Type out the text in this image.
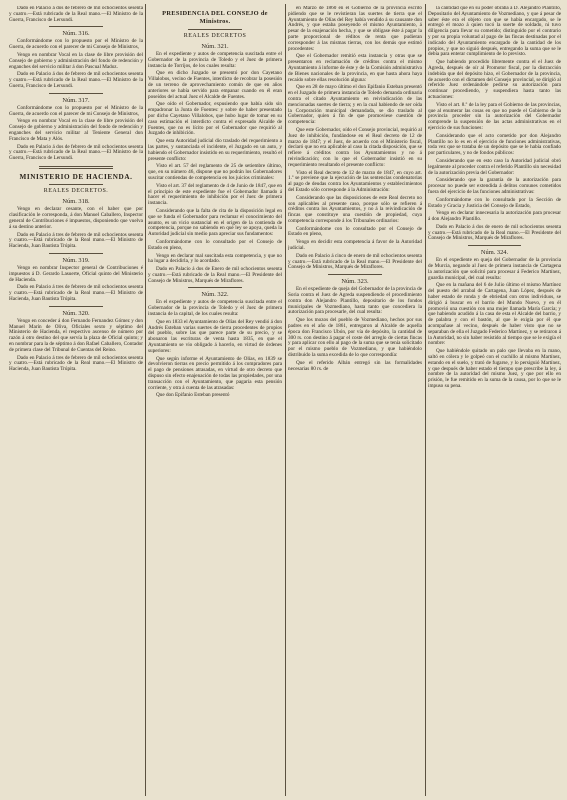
Dado en Palacio á dos de febrero de mil ochocientos sesenta y cuatro.—Está rubricado de la Real mano.—El Ministro de la Guerra, Francisco de Lersundi.

Núm. 316.

Conformándome con lo propuesto por el Ministro de la Guerra, de acuerdo con el parecer de mi Consejo de Ministros,

Vengo en nombrar Vocal en la clase de libre provisión del Consejo de gobierno y administración del fondo de redención y enganches del servicio militar á don Pascual Madoz.

Dado en Palacio á dos de febrero de mil ochocientos sesenta y cuatro.—Está rubricado de la Real mano.—El Ministro de la Guerra, Francisco de Lersundi.

Núm. 317.

Conformándome con lo propuesto por el Ministro de la Guerra, de acuerdo con el parecer de mi Consejo de Ministros,

Vengo en nombrar Vocal en la clase de libre provisión del Consejo de gobierno y administración del fondo de redención y enganches del servicio militar al Teniente General don Francisco de Mata y Alós.

Dado en Palacio á dos de febrero de mil ochocientos sesenta y cuatro.—Está rubricado de la Real mano.—El Ministro de la Guerra, Francisco de Lersundi.

MINISTERIO DE HACIENDA.
REALES DECRETOS.
Núm. 318.

Vengo en declarar cesante, con el haber que por clasificación le corresponda, á don Manuel Caballero, Inspector general de Contribuciones é impuestos, disponiendo que vuelva á su destino anterior.

Dado en Palacio á tres de febrero de mil ochocientos sesenta y cuatro.—Está rubricado de la Real mano.—El Ministro de Hacienda, Juan Bautista Trúpita.

Núm. 319.

Vengo en nombrar Inspector general de Contribuciones é impuestos á D. Gerardo Lasuerte, Oficial quinto del Ministerio de Hacienda.

Dado en Palacio á tres de febrero de mil ochocientos sesenta y cuatro.—Está rubricado de la Real mano.—El Ministro de Hacienda, Juan Bautista Trúpita.

Núm. 320.

Vengo en conceder á don Fernando Fernandez Gómez y don Manuel Marín de Oliva, Oficiales sexto y séptimo del Ministerio de Hacienda, el respectivo ascenso de número por razón á otro destino del que servía la plaza de Oficial quinto; y en nombrar para la de séptimo á don Rafael Caballero, Contador de primera clase del Tribunal de Cuentas del Reino.

Dado en Palacio á tres de febrero de mil ochocientos sesenta y cuatro.—Está rubricado de la Real mano.—El Ministro de Hacienda, Juan Bautista Trúpita.

PRESIDENCIA DEL CONSEJO de Ministros.
REALES DECRETOS
Núm. 321.

En el expediente y autos de competencia suscitada entre el Gobernador de la provincia de Toledo y el Juez de primera instancia de Torrijos, de los cuales resulta:

Que en dicho Juzgado se presentó por don Cayetano Villalobos, vecino de Fuentes, interdicto de recobrar la posesión de un terreno de aprovechamiento común de que en años anteriores se había servido para empanar cuando en él eran poseídos del actual Juez el Alcalde de Fuentes.

Que oído el Gobernador, expusiendo que había sido sin empadronar la Junta de Fuentes: y sobre de haber presentado por dicho Cayetano Villalobos, que hubo lugar de tomar en su caso estimación el interdicto contra el expresado Alcalde de Fuentes, que no es lícito por el Gobernador que requirió al Juzgado de inhibición.

Que esta Autoridad judicial dio traslado del requerimiento a las partes, y sustanciada el incidente, el Juzgado en un auto, y habiendo el Gobernador insistido en su requerimiento, resultó el presente conflicto:

Visto el art. 57 del reglamento de 25 de setiembre último, que, en su número 46, dispone que no podrán los Gobernadores suscitar contiendas de competencia en los juicios criminales:

Visto el art. 37 del reglamento de 4 de Junio de 1847, que en el principio de este expediente fue el Gobernador llamado á hacer el requerimiento de inhibición por el Juez de primera instancia.

Considerando que la falta de cita de la disposición legal en que se funda el Gobernador para reclamar el conocimiento del asunto, es un vicio sustancial en el origen de la contienda de competencia, porque no sabiendo en qué ley se apoya, queda la Autoridad judicial sin medio para apreciar sus fundamentos:

Conformándome con lo consultado por el Consejo de Estado en pleno,

Vengo en declarar mal suscitada esta competencia, y que no ha lugar a decidirla, y lo acordado.

Dado en Palacio á dos de Enero de mil ochocientos sesenta y cuatro.—Está rubricado de la Real mano.—El Presidente del Consejo de Ministros, Marqués de Miraflores.

Núm. 322.

En el expediente y autos de competencia suscitada entre el Gobernador de la provincia de Toledo y el Juez de primera instancia de la capital, de los cuales resulta:

Que en 1833 el Ayuntamiento de Olías del Rey vendió á don Andrés Esteban varias suertes de tierra procedentes de propios del pueblo, sobre las que parece parte de su precio, y se abonaron las escrituras de venta hasta 1835, en que el Ayuntamiento se vio obligado á hacerlo, en virtud de órdenes superiores:

Que según informe el Ayuntamiento de Olías, en 1839 se devolvieron tierras en precio permitido á los compradores para el pago de pensiones atrasadas, en virtud de otro decreto que dispuso sin efecto enajenación de todas las propiedades, por una transacción con el Ayuntamiento, que pagaría esta pensión corriente, y otra á cuenta de las atrasadas:

Que don Epifanio Esteban presentó

en Marzo de 1860 en el Gobierno de la provincia escrito pidiendo que se le revistieran las suertes de tierra que el Ayuntamiento de Olías del Rey había vendido á su causante don Andrés, y que estaba poseyendo el mismo Ayuntamiento, á pesar de la enajenación hecha, y que se obligase éste á pagar la parte proporcional de réditos de renta que pudieran corresponder á las mismas tierras, con los demás que estimó procedentes:

Que el Gobernador remitió esta instancia y otras que se presentaron en reclamación de créditos contra el mismo Ayuntamiento á informe de éste y de la Comisión administrativa de Bienes nacionales de la provincia, en que hasta ahora haya recaído sobre ellas resolución alguna:

Que en 28 de mayo último el don Epifanio Esteban presentó en el Juzgado de primera instancia de Toledo demanda ordinaria contra el citado Ayuntamiento en reivindicación de las mencionadas suertes de tierra; y en la cual habiendo de ser oída la Corporación municipal demandada, se dio traslado al Gobernador, quien á fin de que promoviese cuestión de competencia:

Que este Gobernador, oído el Consejo provincial, requirió al Juez de inhibición, fundándose en el Real decreto de 12 de marzo de 1847; y el Juez, de acuerdo con el Ministerio fiscal, declaró que no era aplicable al caso la citada disposición, que se refiere á créditos contra los Ayuntamientos y no á reivindicación; con lo que el Gobernador insistió en su requerimiento resultando el presente conflicto:

Visto el Real decreto de 12 de marzo de 1847, en cuyo art. 1.º se previene que la ejecución de las sentencias condenatorias al pago de deudas contra los Ayuntamientos y establecimientos del Estado sólo corresponde á la Administración:

Considerando que las disposiciones de este Real decreto no son aplicables al presente caso, porque sólo se refieren á créditos contra los Ayuntamientos, y no á la reivindicación de fincas que constituye una cuestión de propiedad, cuya competencia corresponde á los Tribunales ordinarios:

Conformándome con lo consultado por el Consejo de Estado en pleno,

Vengo en decidir esta competencia á favor de la Autoridad judicial.

Dado en Palacio á cinco de enero de mil ochocientos sesenta y cuatro.—Está rubricado de la Real mano.—El Presidente del Consejo de Ministros, Marqués de Miraflores.

Núm. 323.

En el expediente de queja del Gobernador de la provincia de Soria contra el Juez de Agreda suspendiendo el procedimiento contra don Alejandro Plantillo, depositario de los fondos municipales de Vozmediano, hasta tanto que concediera la autorización para procesarle, del cual resulta:

Que los mozos del pueblo de Vozmediano, hechos por sus padres en el año de 1861, entregaron al Alcalde de aquella época don Francisco Ubón, por vía de depósito, la cantidad de 300 rs. con destino á pagar el coste del arreglo de ciertas fincas y para aplicar con ello al pago de la suma que se tenía solicitado por el mismo pueblo de Vozmediano, y que habiéndolo distribuido la suma excedida de lo que correspondía:

Que el referido Albán entregó sin las formalidades necesarias 80 rs. de

la cantidad que en su poder obraba á D. Alejandro Plantillo, Depositario del Ayuntamiento de Vozmediano, y que á pesar de saber éste era el objeto con que se había encargado, se le entregó el mozo á quien tocó la suerte de soldado, ni tuvo diligencia para llevar su cometido; distinguido por el contrario y por su propia voluntad al pago de las fincas destinadas por el indicado del Ayuntamiento encargado de la cantidad de los propios, y que no siguió después, entregando la suma que se le debía para enterar cumplimiento de lo previsto.

Que habiendo procedido libremente contra el el Juez de Agreda, después de oír al Promotor fiscal, por la distracción indebida que del depósito hizo, el Gobernador de la provincia, de acuerdo con el dictamen del Consejo provincial, se dirigió al referido Juez ordenándole pedirse su autorización para continuar procediendo, y suspendiera hasta tanto las actuaciones:

Visto el art. 8.º de la ley para el Gobierno de las provincias, que al enumerar las cosas en que no puede el Gobierno de la provincia proceder sin la autorización del Gobernador comprende la suspensión de las actas administrativas en el ejercicio de sus funciones:

Considerando que el acto cometido por don Alejandro Plantillo no lo es en el ejercicio de funciones administrativas, toda vez que se trataba de un depósito que se le había confiado por particulares, y no de fondos públicos:

Considerando que en esto caso la Autoridad judicial obró legalmente al proceder contra el referido Plantillo sin necesidad de la autorización previa del Gobernador:

Considerando que la garantía de la autorización para procesar no puede ser extendida á delitos comunes cometidos fuera del ejercicio de las funciones administrativas:

Conformándome con lo consultado por la Sección de Estado y Gracia y Justicia del Consejo de Estado,

Vengo en declarar innecesaria la autorización para procesar á don Alejandro Plantillo.

Dado en Palacio á dos de enero de mil ochocientos sesenta y cuatro.—Está rubricado de la Real mano.—El Presidente del Consejo de Ministros, Marqués de Miraflores.

Núm. 324.

En el expediente en queja del Gobernador de la provincia de Murcia, negando al Juez de primera instancia de Cartagena la autorización que solicitó para procesar á Federico Martínez, guardia municipal, del cual resulta:

Que en la mañana del 6 de Julio último el mismo Martínez del puesto del arrabal de Cartagena, Juan López, después de haber estado de ronda y de ebriedad con otros individuos, se dirigió á buscar en el barrio del Mundo Nuevo, y en él promovió una cuestión con una mujer llamada María García; y que habiendo acudido á la casa de esta el Alcalde del barrio, y de palabra y con el bastón, al que le exigía por él que acompañase al vecino, después de haber visto que no se separaban de ella el Juzgado Federico Martínez, y se retiraron á la Autoridad, no sin haber resistido al tiempo que se le exigía el nombre:

Que habiéndole quitado un palo que llevaba en la mano, saltó en cólera y le golpeó con el cuchillo al mismo Martínez, estando en el suelo, y trató de fugarse, y lo persiguió Martínez, y que después de haber estado el tiempo que prescribe la ley, á nombre de la autoridad del mismo Juez, y que por ello en prisión, le fue remitido en la suma de la causa, por lo que se le impuso su pena.
